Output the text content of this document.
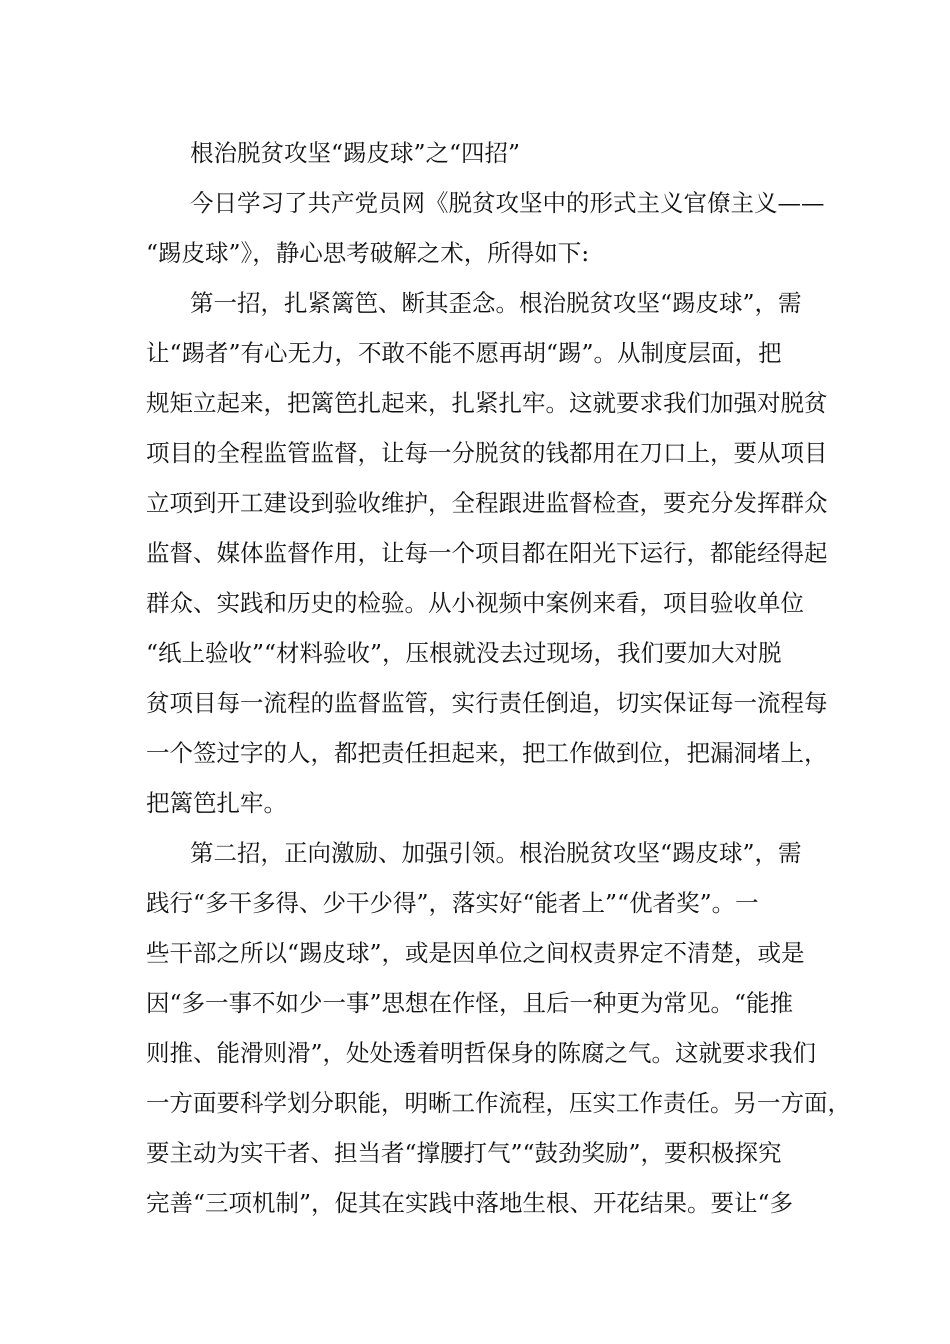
根治脱贫攻坚“踢皮球”之“四招”
今日学习了共产党员网《脱贫攻坚中的形式主义官僚主义——
“踢皮球”》，静心思考破解之术，所得如下:
第一招，扎紧篱笆、断其歪念。根治脱贫攻坚“踢皮球”，需
让“踢者”有心无力，不敢不能不愿再胡“踢”。从制度层面，把
规矩立起来，把篱笆扎起来，扎紧扎牢。这就要求我们加强对脱贫
项目的全程监管监督，让每一分脱贫的钱都用在刀口上，要从项目
立项到开工建设到验收维护，全程跟进监督检查，要充分发挥群众
监督、媒体监督作用，让每一个项目都在阳光下运行，都能经得起
群众、实践和历史的检验。从小视频中案例来看，项目验收单位
“纸上验收”“材料验收”，压根就没去过现场，我们要加大对脱
贫项目每一流程的监督监管，实行责任倒追，切实保证每一流程每
一个签过字的人，都把责任担起来，把工作做到位，把漏洞堵上，
把篱笆扎牢。
第二招，正向激励、加强引领。根治脱贫攻坚“踢皮球”，需
践行“多干多得、少干少得”，落实好“能者上”“优者奖”。一
些干部之所以“踢皮球”，或是因单位之间权责界定不清楚，或是
因“多一事不如少一事”思想在作怪，且后一种更为常见。“能推
则推、能滑则滑”，处处透着明哲保身的陈腐之气。这就要求我们
一方面要科学划分职能，明晰工作流程，压实工作责任。另一方面，
要主动为实干者、担当者“撑腰打气”“鼓劲奖励”，要积极探究
完善“三项机制”，促其在实践中落地生根、开花结果。要让“多
